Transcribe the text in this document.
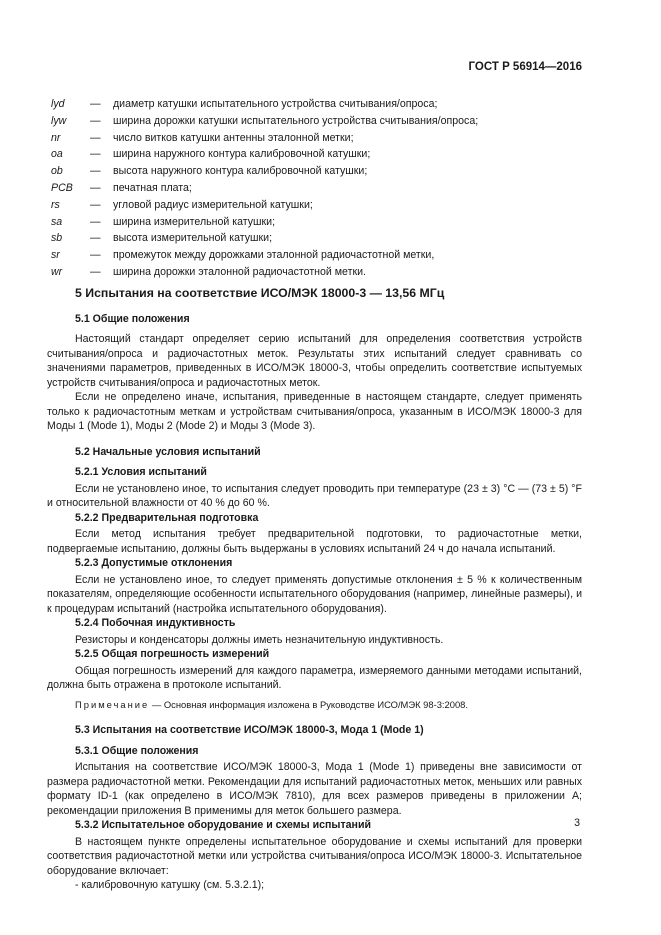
ГОСТ Р 56914—2016
lyd — диаметр катушки испытательного устройства считывания/опроса;
lyw — ширина дорожки катушки испытательного устройства считывания/опроса;
nr	— число витков катушки антенны эталонной метки;
oa	— ширина наружного контура калибровочной катушки;
ob	— высота наружного контура калибровочной катушки;
PCB — печатная плата;
rs	— угловой радиус измерительной катушки;
sa	— ширина измерительной катушки;
sb	— высота измерительной катушки;
sr	— промежуток между дорожками эталонной радиочастотной метки,
wr	— ширина дорожки эталонной радиочастотной метки.
5 Испытания на соответствие ИСО/МЭК 18000-3 — 13,56 МГц
5.1 Общие положения

Настоящий стандарт определяет серию испытаний для определения соответствия устройств считывания/опроса и радиочастотных меток. Результаты этих испытаний следует сравнивать со значениями параметров, приведенных в ИСО/МЭК 18000-3, чтобы определить соответствие испытуемых устройств считывания/опроса и радиочастотных меток.

Если не определено иначе, испытания, приведенные в настоящем стандарте, следует применять только к радиочастотным меткам и устройствам считывания/опроса, указанным в ИСО/МЭК 18000-3 для Моды 1 (Mode 1), Моды 2 (Mode 2) и Моды 3 (Mode 3).

5.2 Начальные условия испытаний
5.2.1 Условия испытаний

Если не установлено иное, то испытания следует проводить при температуре (23 ± 3) °C — (73 ± 5) °F и относительной влажности от 40 % до 60 %.

5.2.2 Предварительная подготовка

Если метод испытания требует предварительной подготовки, то радиочастотные метки, подвергаемые испытанию, должны быть выдержаны в условиях испытаний 24 ч до начала испытаний.

5.2.3 Допустимые отклонения

Если не установлено иное, то следует применять допустимые отклонения ± 5 % к количественным показателям, определяющие особенности испытательного оборудования (например, линейные размеры), и к процедурам испытаний (настройка испытательного оборудования).

5.2.4 Побочная индуктивность

Резисторы и конденсаторы должны иметь незначительную индуктивность.

5.2.5 Общая погрешность измерений

Общая погрешность измерений для каждого параметра, измеряемого данными методами испытаний, должна быть отражена в протоколе испытаний.

Примечание — Основная информация изложена в Руководстве ИСО/МЭК 98-3:2008.

5.3 Испытания на соответствие ИСО/МЭК 18000-3, Мода 1 (Mode 1)
5.3.1 Общие положения

Испытания на соответствие ИСО/МЭК 18000-3, Мода 1 (Mode 1) приведены вне зависимости от размера радиочастотной метки. Рекомендации для испытаний радиочастотных меток, меньших или равных формату ID-1 (как определено в ИСО/МЭК 7810), для всех размеров приведены в приложении А; рекомендации приложения В применимы для меток большего размера.

5.3.2 Испытательное оборудование и схемы испытаний

В настоящем пункте определены испытательное оборудование и схемы испытаний для проверки соответствия радиочастотной метки или устройства считывания/опроса ИСО/МЭК 18000-3. Испытательное оборудование включает:

- калибровочную катушку (см. 5.3.2.1);

3
